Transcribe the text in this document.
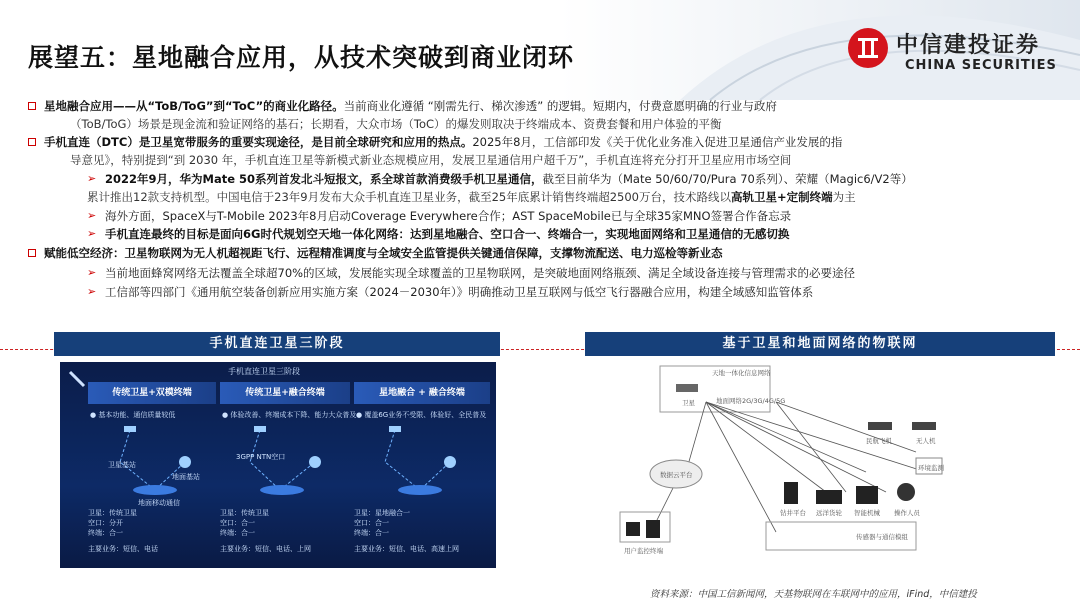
中信建投证券
CHINA SECURITIES
展望五：星地融合应用，从技术突破到商业闭环
星地融合应用——从“ToB/ToG”到“ToC”的商业化路径。当前商业化遵循 “刚需先行、梯次渗透” 的逻辑。短期内，付费意愿明确的行业与政府
（ToB/ToG）场景是现金流和验证网络的基石；长期看，大众市场（ToC）的爆发则取决于终端成本、资费套餐和用户体验的平衡
手机直连（DTC）是卫星宽带服务的重要实现途径，是目前全球研究和应用的热点。2025年8月，工信部印发《关于优化业务准入促进卫星通信产业发展的指
导意见》，特别提到“到 2030 年，手机直连卫星等新模式新业态规模应用，发展卫星通信用户超千万”，手机直连将充分打开卫星应用市场空间
➢ 2022年9月，华为Mate 50系列首发北斗短报文，系全球首款消费级手机卫星通信，截至目前华为（Mate 50/60/70/Pura 70系列）、荣耀（Magic6/V2等）
累计推出12款支持机型。中国电信于23年9月发布大众手机直连卫星业务，截至25年底累计销售终端超2500万台，技术路线以高轨卫星+定制终端为主
➢ 海外方面，SpaceX与T-Mobile 2023年8月启动Coverage Everywhere合作；AST SpaceMobile已与全球35家MNO签署合作备忘录
➢ 手机直连最终的目标是面向6G时代规划空天地一体化网络：达到星地融合、空口合一、终端合一，实现地面网络和卫星通信的无感切换
赋能低空经济：卫星物联网为无人机超视距飞行、远程精准调度与全域安全监管提供关键通信保障，支撑物流配送、电力巡检等新业态
➢ 当前地面蜂窝网络无法覆盖全球超70%的区域，发展能实现全球覆盖的卫星物联网，是突破地面网络瓶颈、满足全域设备连接与管理需求的必要途径
➢ 工信部等四部门《通用航空装备创新应用实施方案（2024－2030年）》明确推动卫星互联网与低空飞行器融合应用，构建全域感知监管体系
手机直连卫星三阶段	基于卫星和地面网络的物联网
手机直连卫星三阶段
传统卫星+双模终端	传统卫星+融合终端	星地融合 + 融合终端
● 基本功能、通信质量较低	● 体验改善、终端成本下降、能力大众普及 ● 覆盖6G业务不受限、体验好、全民普及
卫星基站
地面基站
地面移动通信
3GPP NTN空口
卫星：传统卫星
空口：分开
终端：合一
主要业务：短信、电话
卫星：传统卫星
空口：合一
终端：合一
主要业务：短信、电话、上网
卫星：星地融合一
空口：合一
终端：合一
主要业务：短信、电话、高速上网
天地一体化信息网络
卫星	地面网络2G/3G/4G/5G
数据云平台
民航飞机	无人机
环境监测
钻井平台 远洋货轮 智能机械 操作人员
传感器与通信模组
用户监控终端
资料来源：中国工信新闻网，天基物联网在车联网中的应用，iFind，中信建投
